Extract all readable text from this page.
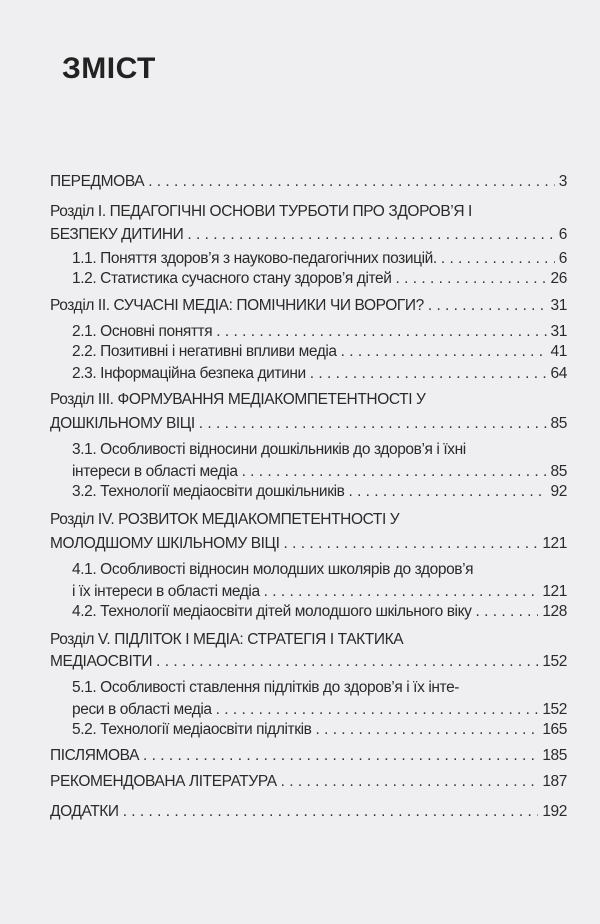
ЗМІСТ
ПЕРЕДМОВА . . .	3
Розділ І. ПЕДАГОГІЧНІ ОСНОВИ ТУРБОТИ ПРО ЗДОРОВ’Я І
БЕЗПЕКУ ДИТИНИ . . .	6
1.1. Поняття здоров’я з науково-педагогічних позицій. . . .	6
1.2. Статистика сучасного стану здоров’я дітей . . .	26
Розділ ІІ. СУЧАСНІ МЕДІА: ПОМІЧНИКИ ЧИ ВОРОГИ? . . .	31
2.1. Основні поняття . . .	31
2.2. Позитивні і негативні впливи медіа . . .	41
2.3. Інформаційна безпека дитини . . .	64
Розділ ІІІ. ФОРМУВАННЯ МЕДІАКОМПЕТЕНТНОСТІ У
ДОШКІЛЬНОМУ ВІЦІ . . .	85
3.1. Особливості відносини дошкільників до здоров’я і їхні
інтереси в області медіа . . .	85
3.2. Технології медіаосвіти дошкільників . . .	92
Розділ IV. РОЗВИТОК МЕДІАКОМПЕТЕНТНОСТІ У
МОЛОДШОМУ ШКІЛЬНОМУ ВІЦІ . . .	121
4.1. Особливості відносин молодших школярів до здоров’я
і їх інтереси в області медіа . . .	121
4.2. Технології медіаосвіти дітей молодшого шкільного віку . . .	128
Розділ V. ПІДЛІТОК І МЕДІА: СТРАТЕГІЯ І ТАКТИКА
МЕДІАОСВІТИ . . .	152
5.1. Особливості ставлення підлітків до здоров’я і їх інте-
реси в області медіа . . .	152
5.2. Технології медіаосвіти підлітків . . .	165
ПІСЛЯМОВА . . .	185
РЕКОМЕНДОВАНА ЛІТЕРАТУРА . . .	187
ДОДАТКИ . . .	192
